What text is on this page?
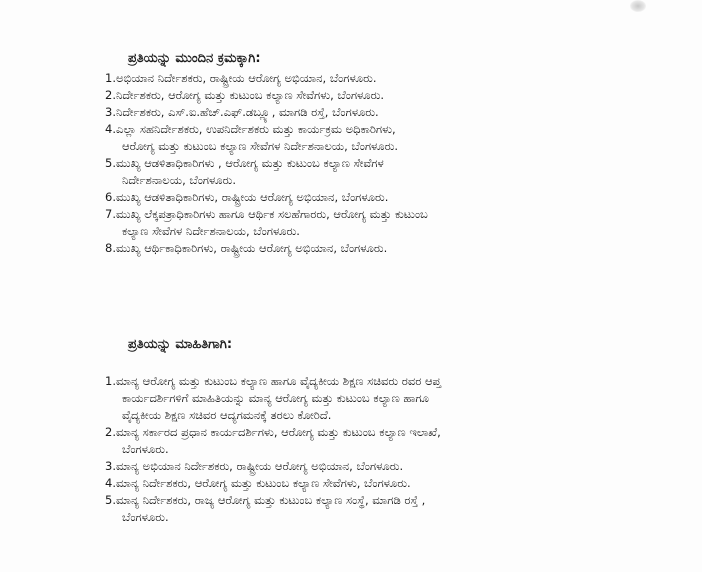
ಪ್ರತಿಯನ್ನು ಮುಂದಿನ ಕ್ರಮಕ್ಕಾಗಿ:
1.ಅಭಿಯಾನ ನಿರ್ದೇಶಕರು, ರಾಷ್ಟ್ರೀಯ ಆರೋಗ್ಯ ಅಭಿಯಾನ, ಬೆಂಗಳೂರು.
2.ನಿರ್ದೇಶಕರು, ಆರೋಗ್ಯ ಮತ್ತು ಕುಟುಂಬ ಕಲ್ಯಾಣ ಸೇವೆಗಳು, ಬೆಂಗಳೂರು.
3.ನಿರ್ದೇಶಕರು, ಎಸ್.ಐ.ಹೆಚ್.ಎಫ್.ಡಬ್ಲ್ಯೂ, ಮಾಗಡಿ ರಸ್ತೆ, ಬೆಂಗಳೂರು.
4.ಎಲ್ಲಾ ಸಹನಿರ್ದೇಶಕರು, ಉಪನಿರ್ದೇಶಕರು ಮತ್ತು ಕಾರ್ಯಕ್ರಮ ಅಧಿಕಾರಿಗಳು,
ಆರೋಗ್ಯ ಮತ್ತು ಕುಟುಂಬ ಕಲ್ಯಾಣ ಸೇವೆಗಳ ನಿರ್ದೇಶನಾಲಯ, ಬೆಂಗಳೂರು.
5.ಮುಖ್ಯ ಆಡಳಿತಾಧಿಕಾರಿಗಳು , ಆರೋಗ್ಯ ಮತ್ತು ಕುಟುಂಬ ಕಲ್ಯಾಣ ಸೇವೆಗಳ
ನಿರ್ದೇಶನಾಲಯ, ಬೆಂಗಳೂರು.
6.ಮುಖ್ಯ ಆಡಳಿತಾಧಿಕಾರಿಗಳು, ರಾಷ್ಟ್ರೀಯ ಆರೋಗ್ಯ ಅಭಿಯಾನ, ಬೆಂಗಳೂರು.
7.ಮುಖ್ಯ ಲೆಕ್ಕಪತ್ರಾಧಿಕಾರಿಗಳು ಹಾಗೂ ಆರ್ಥಿಕ ಸಲಹೆಗಾರರು, ಆರೋಗ್ಯ ಮತ್ತು ಕುಟುಂಬ
ಕಲ್ಯಾಣ ಸೇವೆಗಳ ನಿರ್ದೇಶನಾಲಯ, ಬೆಂಗಳೂರು.
8.ಮುಖ್ಯ ಆರ್ಥಿಕಾಧಿಕಾರಿಗಳು, ರಾಷ್ಟ್ರೀಯ ಆರೋಗ್ಯ ಅಭಿಯಾನ, ಬೆಂಗಳೂರು.
ಪ್ರತಿಯನ್ನು ಮಾಹಿತಿಗಾಗಿ:
1.ಮಾನ್ಯ ಆರೋಗ್ಯ ಮತ್ತು ಕುಟುಂಬ ಕಲ್ಯಾಣ ಹಾಗೂ ವೈದ್ಯಕೀಯ ಶಿಕ್ಷಣ ಸಚಿವರು ರವರ ಆಪ್ತ
ಕಾರ್ಯದರ್ಶಿಗಳಿಗೆ ಮಾಹಿತಿಯನ್ನು ಮಾನ್ಯ ಆರೋಗ್ಯ ಮತ್ತು ಕುಟುಂಬ ಕಲ್ಯಾಣ ಹಾಗೂ
ವೈದ್ಯಕೀಯ ಶಿಕ್ಷಣ ಸಚಿವರ ಆದ್ಯಗಮನಕ್ಕೆ ತರಲು ಕೋರಿದೆ.
2.ಮಾನ್ಯ ಸರ್ಕಾರದ ಪ್ರಧಾನ ಕಾರ್ಯದರ್ಶಿಗಳು, ಆರೋಗ್ಯ ಮತ್ತು ಕುಟುಂಬ ಕಲ್ಯಾಣ ಇಲಾಖೆ,
ಬೆಂಗಳೂರು.
3.ಮಾನ್ಯ ಅಭಿಯಾನ ನಿರ್ದೇಶಕರು, ರಾಷ್ಟ್ರೀಯ ಆರೋಗ್ಯ ಅಭಿಯಾನ, ಬೆಂಗಳೂರು.
4.ಮಾನ್ಯ ನಿರ್ದೇಶಕರು, ಆರೋಗ್ಯ ಮತ್ತು ಕುಟುಂಬ ಕಲ್ಯಾಣ ಸೇವೆಗಳು, ಬೆಂಗಳೂರು.
5.ಮಾನ್ಯ ನಿರ್ದೇಶಕರು, ರಾಜ್ಯ ಆರೋಗ್ಯ ಮತ್ತು ಕುಟುಂಬ ಕಲ್ಯಾಣ ಸಂಸ್ಥೆ, ಮಾಗಡಿ ರಸ್ತೆ ,
ಬೆಂಗಳೂರು.
